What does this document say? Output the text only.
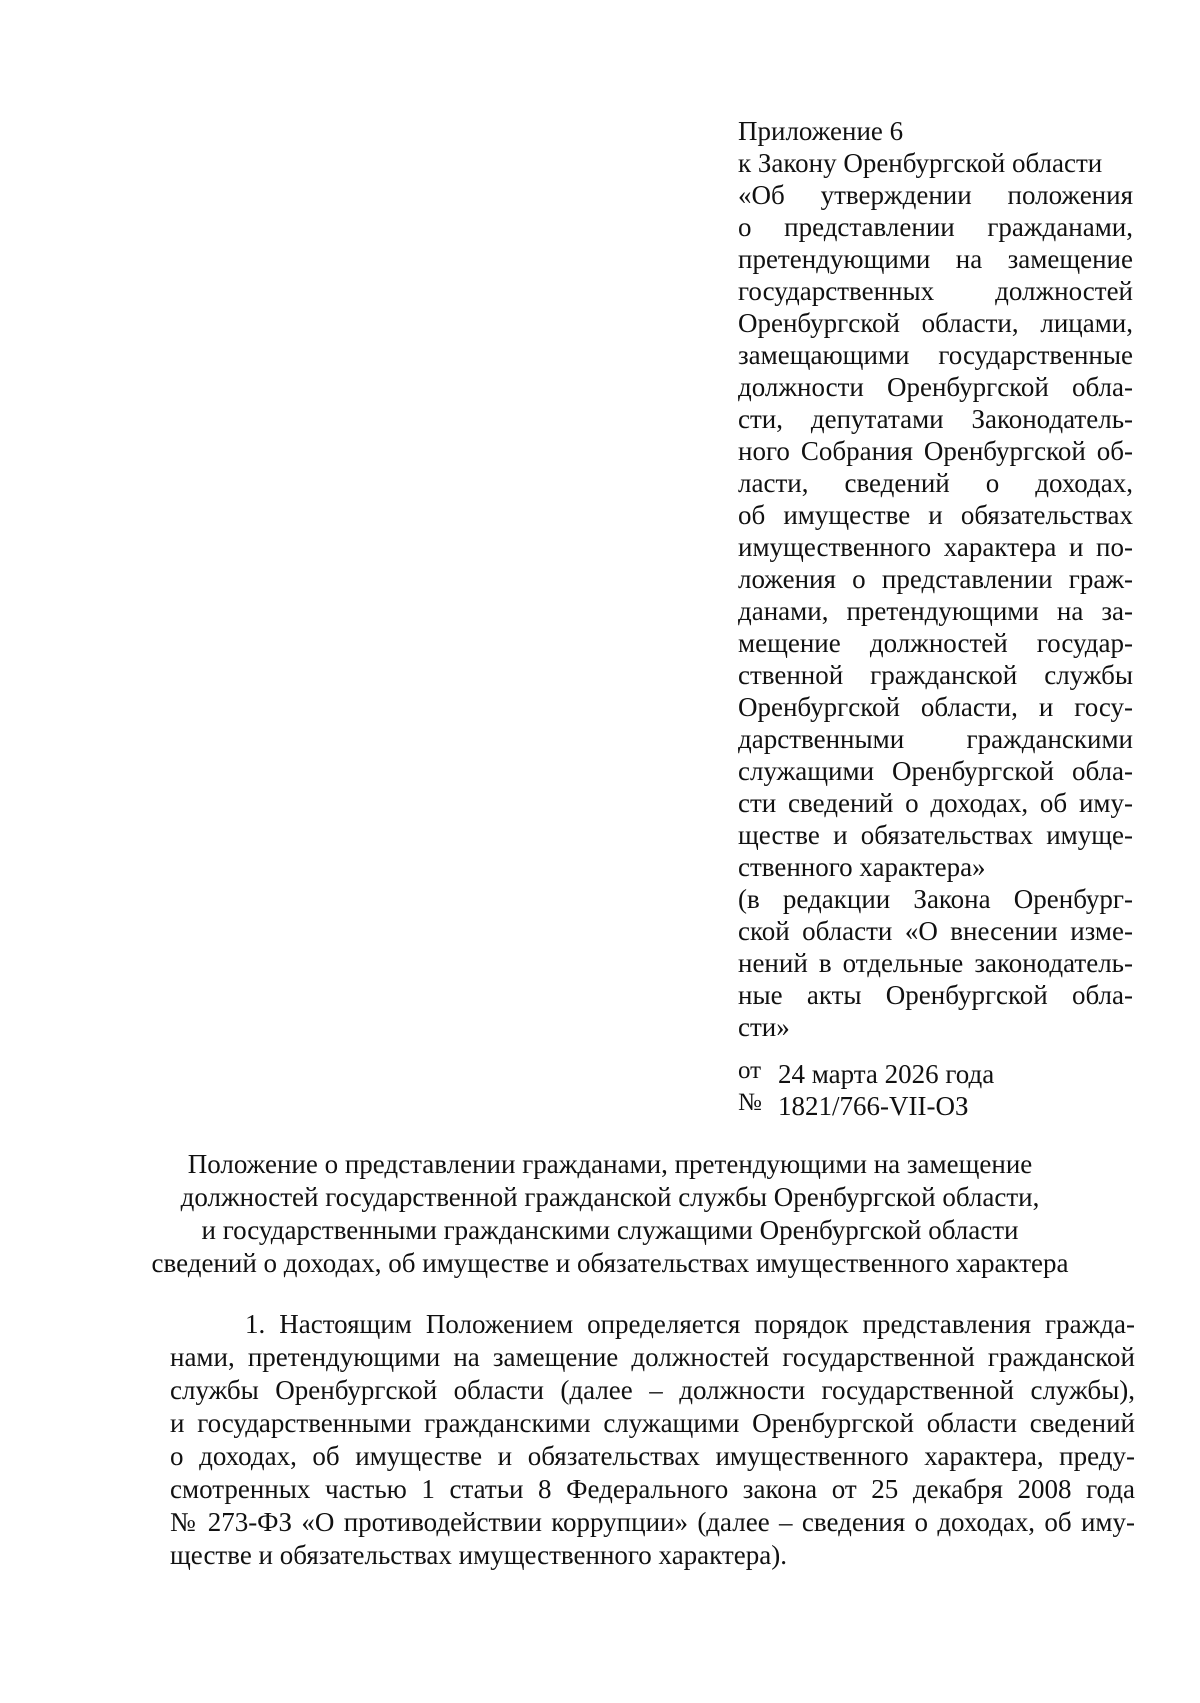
Приложение 6
к Закону Оренбургской области
«Об утверждении положения
о представлении гражданами,
претендующими на замещение
государственных должностей
Оренбургской области, лицами,
замещающими государственные
должности Оренбургской обла-
сти, депутатами Законодатель-
ного Собрания Оренбургской об-
ласти, сведений о доходах,
об имуществе и обязательствах
имущественного характера и по-
ложения о представлении граж-
данами, претендующими на за-
мещение должностей государ-
ственной гражданской службы
Оренбургской области, и госу-
дарственными гражданскими
служащими Оренбургской обла-
сти сведений о доходах, об иму-
ществе и обязательствах имуще-
ственного характера»
(в редакции Закона Оренбург-
ской области «О внесении изме-
нений в отдельные законодатель-
ные акты Оренбургской обла-
сти»
от 24 марта 2026 года
№ 1821/766-VII-ОЗ
Положение о представлении гражданами, претендующими на замещение
должностей государственной гражданской службы Оренбургской области,
и государственными гражданскими служащими Оренбургской области
сведений о доходах, об имуществе и обязательствах имущественного характера
1. Настоящим Положением определяется порядок представления гражда-
нами, претендующими на замещение должностей государственной гражданской
службы Оренбургской области (далее – должности государственной службы),
и государственными гражданскими служащими Оренбургской области сведений
о доходах, об имуществе и обязательствах имущественного характера, преду-
смотренных частью 1 статьи 8 Федерального закона от 25 декабря 2008 года
№ 273-ФЗ «О противодействии коррупции» (далее – сведения о доходах, об иму-
ществе и обязательствах имущественного характера).
